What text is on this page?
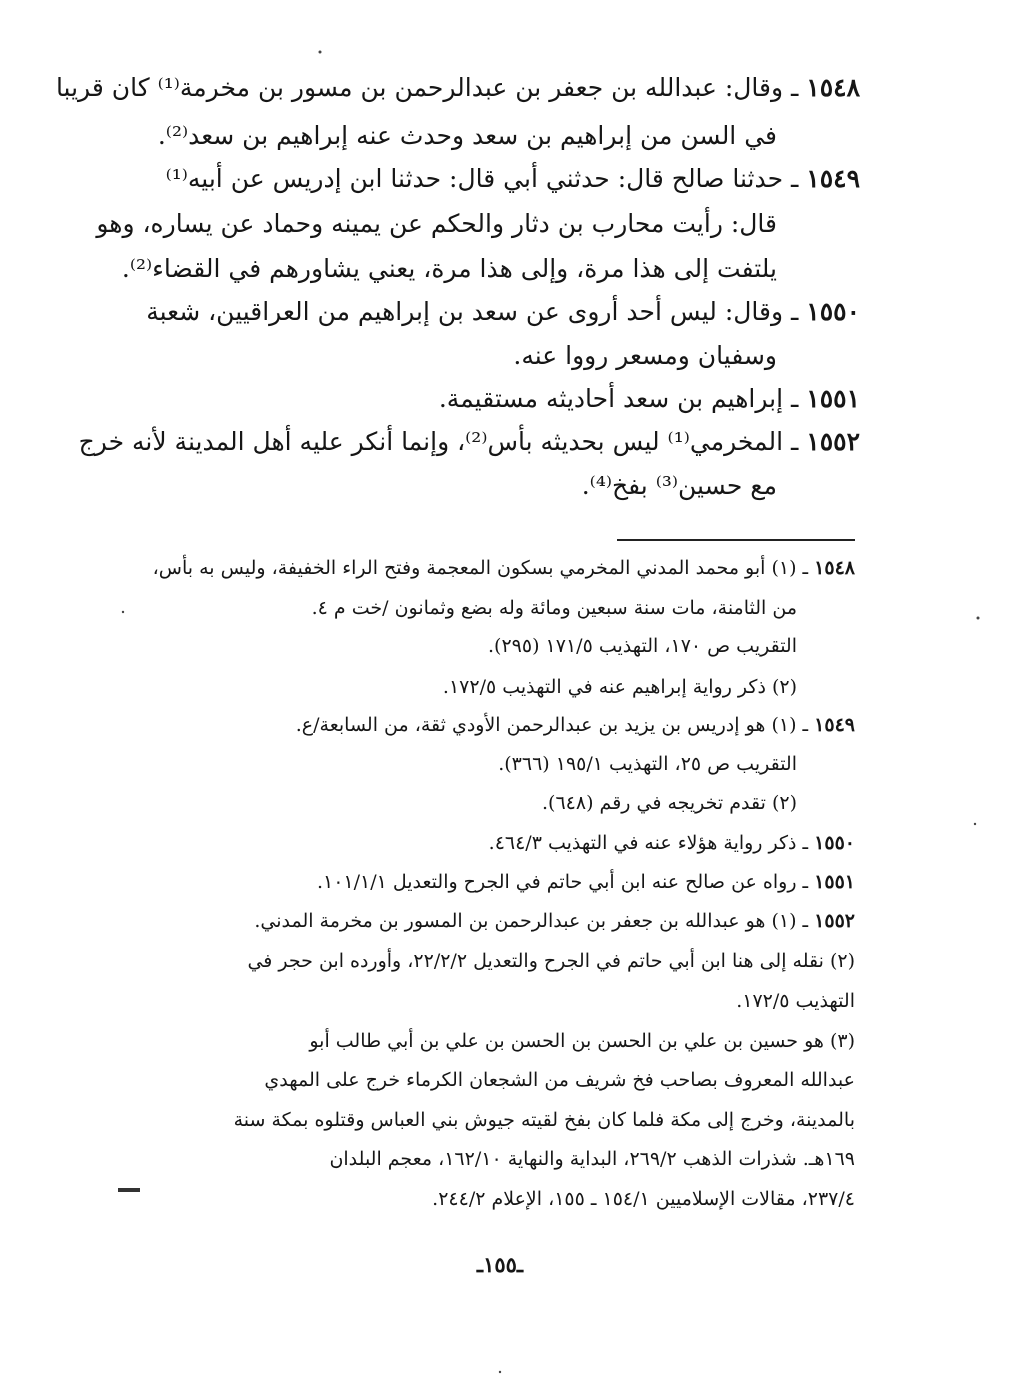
١٥٤٨ ـ وقال: عبدالله بن جعفر بن عبدالرحمن بن مسور بن مخرمة⁽¹⁾ كان قريبا
في السن من إبراهيم بن سعد وحدث عنه إبراهيم بن سعد⁽²⁾.
١٥٤٩ ـ حدثنا صالح قال: حدثني أبي قال: حدثنا ابن إدريس عن أبيه⁽¹⁾
قال: رأيت محارب بن دثار والحكم عن يمينه وحماد عن يساره، وهو
يلتفت إلى هذا مرة، وإلى هذا مرة، يعني يشاورهم في القضاء⁽²⁾.
١٥٥٠ ـ وقال: ليس أحد أروى عن سعد بن إبراهيم من العراقيين، شعبة
وسفيان ومسعر رووا عنه.
١٥٥١ ـ إبراهيم بن سعد أحاديثه مستقيمة.
١٥٥٢ ـ المخرمي⁽¹⁾ ليس بحديثه بأس⁽²⁾، وإنما أنكر عليه أهل المدينة لأنه خرج
مع حسين⁽³⁾ بفخ⁽⁴⁾.
١٥٤٨ ـ (١) أبو محمد المدني المخرمي بسكون المعجمة وفتح الراء الخفيفة، وليس به بأس،
من الثامنة، مات سنة سبعين ومائة وله بضع وثمانون /خت م ٤.
التقريب ص ١٧٠، التهذيب ١٧١/٥ (٢٩٥).
(٢) ذكر رواية إبراهيم عنه في التهذيب ١٧٢/٥.
١٥٤٩ ـ (١) هو إدريس بن يزيد بن عبدالرحمن الأودي ثقة، من السابعة/ع.
التقريب ص ٢٥، التهذيب ١٩٥/١ (٣٦٦).
(٢) تقدم تخريجه في رقم (٦٤٨).
١٥٥٠ ـ ذكر رواية هؤلاء عنه في التهذيب ٤٦٤/٣.
١٥٥١ ـ رواه عن صالح عنه ابن أبي حاتم في الجرح والتعديل ١٠١/١/١.
١٥٥٢ ـ (١) هو عبدالله بن جعفر بن عبدالرحمن بن المسور بن مخرمة المدني.
(٢) نقله إلى هنا ابن أبي حاتم في الجرح والتعديل ٢٢/٢/٢، وأورده ابن حجر في
التهذيب ١٧٢/٥.
(٣) هو حسين بن علي بن الحسن بن الحسن بن علي بن أبي طالب أبو
عبدالله المعروف بصاحب فخ شريف من الشجعان الكرماء خرج على المهدي
بالمدينة، وخرج إلى مكة فلما كان بفخ لقيته جيوش بني العباس وقتلوه بمكة سنة
١٦٩هـ. شذرات الذهب ٢٦٩/٢، البداية والنهاية ١٦٢/١٠، معجم البلدان
٢٣٧/٤، مقالات الإسلاميين ١٥٤/١ ـ ١٥٥، الإعلام ٢٤٤/٢.
ـ١٥٥ـ
